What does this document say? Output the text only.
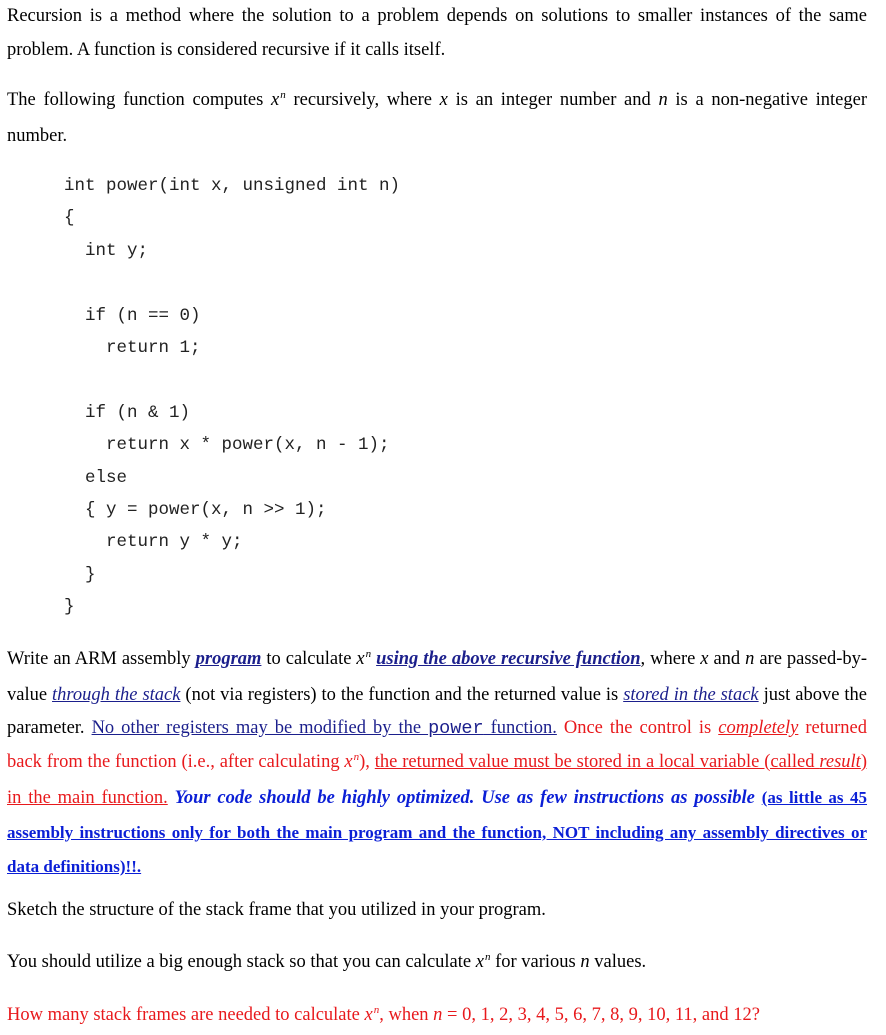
Recursion is a method where the solution to a problem depends on solutions to smaller instances of the same problem. A function is considered recursive if it calls itself.

The following function computes $x^n$ recursively, where x is an integer number and n is a non-negative integer number.

int power(int x, unsigned int n)
{
int y;
if (n == 0)
return 1;
if (n & 1)
return x * power(x, n - 1);
else
{ y = power(x, n >> 1);
return y * y;
}
}

Write an ARM assembly program to calculate $x^n$ using the above recursive function, where x and n are passed-by-value through the stack (not via registers) to the function and the returned value is stored in the stack just above the parameter. No other registers may be modified by the power function. Once the control is completely returned back from the function (i.e., after calculating $x^n$), the returned value must be stored in a local variable (called result) in the main function. Your code should be highly optimized. Use as few instructions as possible (as little as 45 assembly instructions only for both the main program and the function, NOT including any assembly directives or data definitions)!!.

Sketch the structure of the stack frame that you utilized in your program.

You should utilize a big enough stack so that you can calculate $x^n$ for various n values.

How many stack frames are needed to calculate $x^n$, when n = 0, 1, 2, 3, 4, 5, 6, 7, 8, 9, 10, 11, and 12?
